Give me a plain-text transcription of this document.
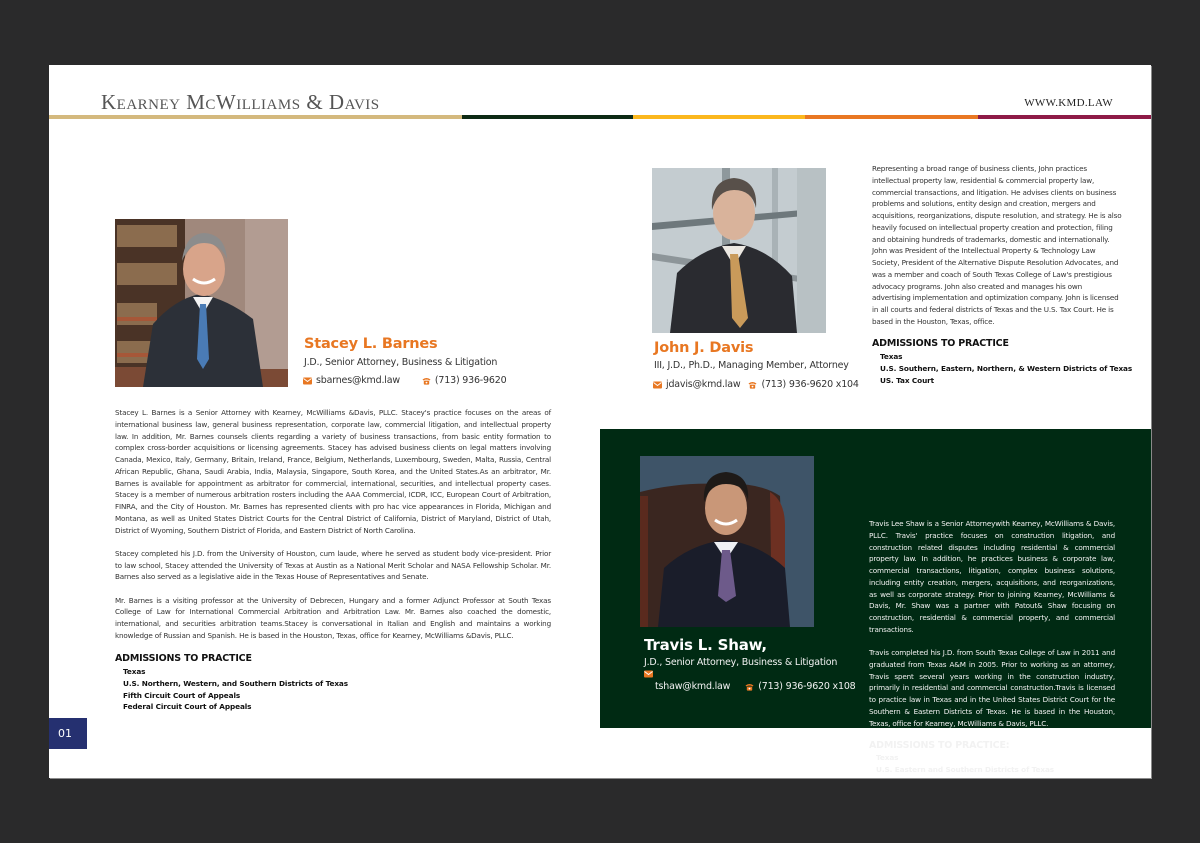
Kearney McWilliams & Davis	WWW.KMD.LAW
Stacey L. Barnes
J.D., Senior Attorney, Business & Litigation
sbarnes@kmd.law	(713) 936-9620

Stacey L. Barnes is a Senior Attorney with Kearney, McWilliams &Davis, PLLC. Stacey's practice focuses on the areas of international business law, general business representation, corporate law, commercial litigation, and intellectual property law. In addition, Mr. Barnes counsels clients regarding a variety of business transactions, from basic entity formation to complex cross-border acquisitions or licensing agreements. Stacey has advised business clients on legal matters involving Canada, Mexico, Italy, Germany, Britain, Ireland, France, Belgium, Netherlands, Luxembourg, Sweden, Malta, Russia, Central African Republic, Ghana, Saudi Arabia, India, Malaysia, Singapore, South Korea, and the United States.As an arbitrator, Mr. Barnes is available for appointment as arbitrator for commercial, international, securities, and intellectual property cases. Stacey is a member of numerous arbitration rosters including the AAA Commercial, ICDR, ICC, European Court of Arbitration, FINRA, and the City of Houston. Mr. Barnes has represented clients with pro hac vice appearances in Florida, Michigan and Montana, as well as United States District Courts for the Central District of California, District of Maryland, District of Utah, District of Wyoming, Southern District of Florida, and Eastern District of North Carolina.

Stacey completed his J.D. from the University of Houston, cum laude, where he served as student body vice-president. Prior to law school, Stacey attended the University of Texas at Austin as a National Merit Scholar and NASA Fellowship Scholar. Mr. Barnes also served as a legislative aide in the Texas House of Representatives and Senate.

Mr. Barnes is a visiting professor at the University of Debrecen, Hungary and a former Adjunct Professor at South Texas College of Law for International Commercial Arbitration and Arbitration Law. Mr. Barnes also coached the domestic, international, and securities arbitration teams.Stacey is conversational in Italian and English and maintains a working knowledge of Russian and Spanish. He is based in the Houston, Texas, office for Kearney, McWilliams &Davis, PLLC.

ADMISSIONS TO PRACTICE
Texas
U.S. Northern, Western, and Southern Districts of Texas
Fifth Circuit Court of Appeals
Federal Circuit Court of Appeals
01
John J. Davis
III, J.D., Ph.D., Managing Member, Attorney
jdavis@kmd.law (713) 936-9620 x104

Representing a broad range of business clients, John practices intellectual property law, residential & commercial property law, commercial transactions, and litigation. He advises clients on business problems and solutions, entity design and creation, mergers and acquisitions, reorganizations, dispute resolution, and strategy. He is also heavily focused on intellectual property creation and protection, filing and obtaining hundreds of trademarks, domestic and internationally. John was President of the Intellectual Property & Technology Law Society, President of the Alternative Dispute Resolution Advocates, and was a member and coach of South Texas College of Law's prestigious advocacy programs. John also created and manages his own advertising implementation and optimization company. John is licensed in all courts and federal districts of Texas and the U.S. Tax Court. He is based in the Houston, Texas, office.

ADMISSIONS TO PRACTICE
Texas
U.S. Southern, Eastern, Northern, & Western Districts of Texas
US. Tax Court
Travis L. Shaw,
J.D., Senior Attorney, Business & Litigation
tshaw@kmd.law	(713) 936-9620 x108

Travis Lee Shaw is a Senior Attorneywith Kearney, McWilliams & Davis, PLLC. Travis' practice focuses on construction litigation, and construction related disputes including residential & commercial property law. In addition, he practices business & corporate law, commercial transactions, litigation, complex business solutions, including entity creation, mergers, acquisitions, and reorganizations, as well as corporate strategy. Prior to joining Kearney, McWilliams & Davis, Mr. Shaw was a partner with Patout& Shaw focusing on construction, residential & commercial property, and commercial transactions.

Travis completed his J.D. from South Texas College of Law in 2011 and graduated from Texas A&M in 2005. Prior to working as an attorney, Travis spent several years working in the construction industry, primarily in residential and commercial construction.Travis is licensed to practice law in Texas and in the United States District Court for the Southern & Eastern Districts of Texas. He is based in the Houston, Texas, office for Kearney, McWilliams & Davis, PLLC.

ADMISSIONS TO PRACTICE:
Texas
U.S. Eastern and Southern Districts of Texas
